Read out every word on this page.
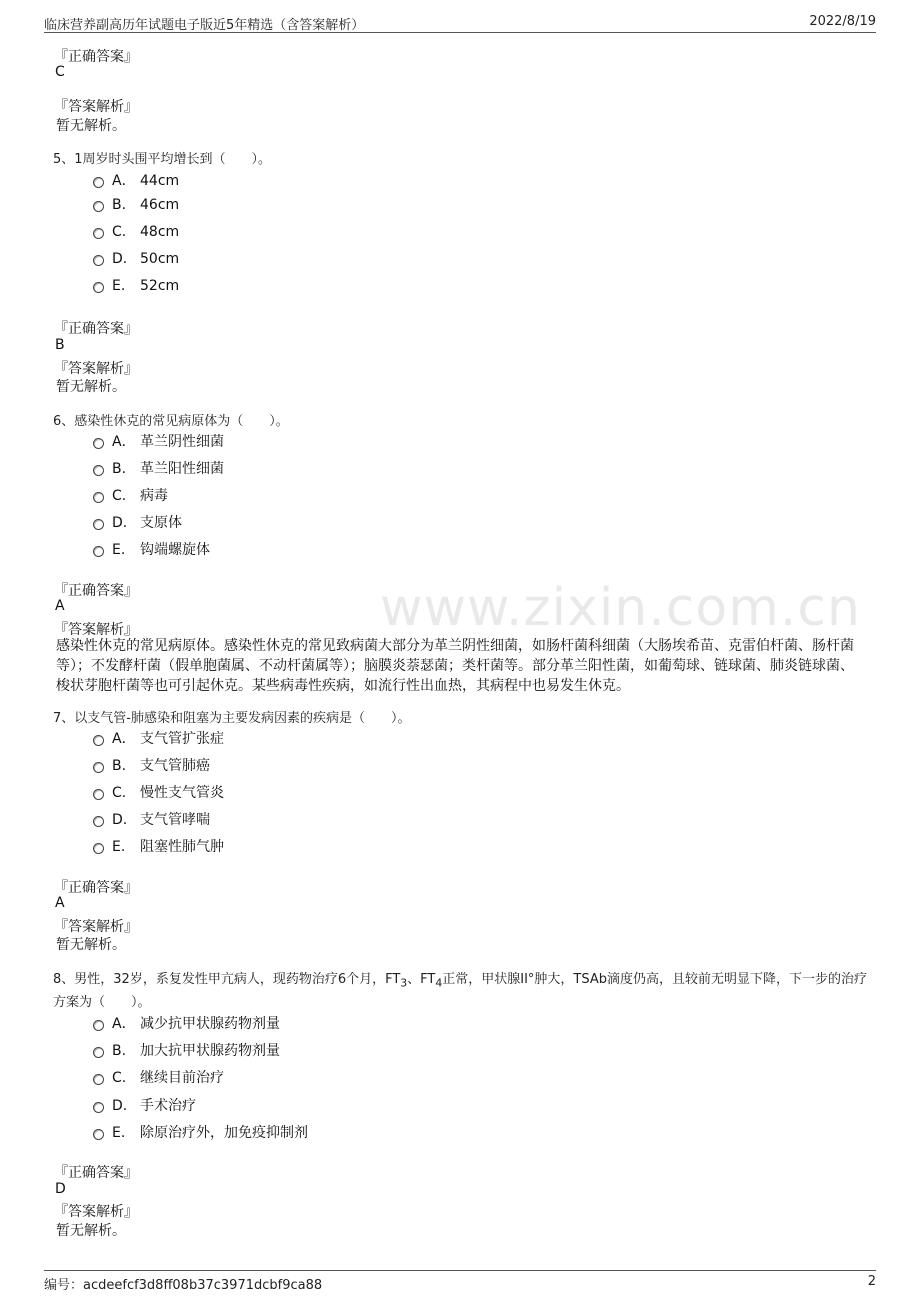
临床营养副高历年试题电子版近5年精选（含答案解析）	2022/8/19
www.zixin.com.cn
『正确答案』
C
『答案解析』
暂无解析。
5、1周岁时头围平均增长到（　　）。
A． 44cm
B. 46cm
C. 48cm
D. 50cm
E. 52cm
『正确答案』
B
『答案解析』
暂无解析。
6、感染性休克的常见病原体为（　　）。
A． 革兰阴性细菌
B. 革兰阳性细菌
C. 病毒
D. 支原体
E. 钩端螺旋体
『正确答案』
A
『答案解析』
感染性休克的常见病原体。感染性休克的常见致病菌大部分为革兰阴性细菌，如肠杆菌科细菌（大肠埃希苗、克雷伯杆菌、肠杆菌等）；不发酵杆菌（假单胞菌属、不动杆菌属等）；脑膜炎萘瑟菌；类杆菌等。部分革兰阳性菌，如葡萄球、链球菌、肺炎链球菌、梭状芽胞杆菌等也可引起休克。某些病毒性疾病，如流行性出血热，其病程中也易发生休克。
7、以支气管-肺感染和阻塞为主要发病因素的疾病是（　　）。
A． 支气管扩张症
B. 支气管肺癌
C. 慢性支气管炎
D. 支气管哮喘
E. 阻塞性肺气肿
『正确答案』
A
『答案解析』
暂无解析。
8、男性，32岁，系复发性甲亢病人，现药物治疗6个月，$FT_3$、$FT_4$正常，甲状腺II°肿大，TSAb滴度仍高，且较前无明显下降，下一步的治疗
方案为（　　）。
A． 减少抗甲状腺药物剂量
B. 加大抗甲状腺药物剂量
C. 继续目前治疗
D. 手术治疗
E. 除原治疗外，加免疫抑制剂
『正确答案』
D
『答案解析』
暂无解析。
编号：acdeefcf3d8ff08b37c3971dcbf9ca88	2
